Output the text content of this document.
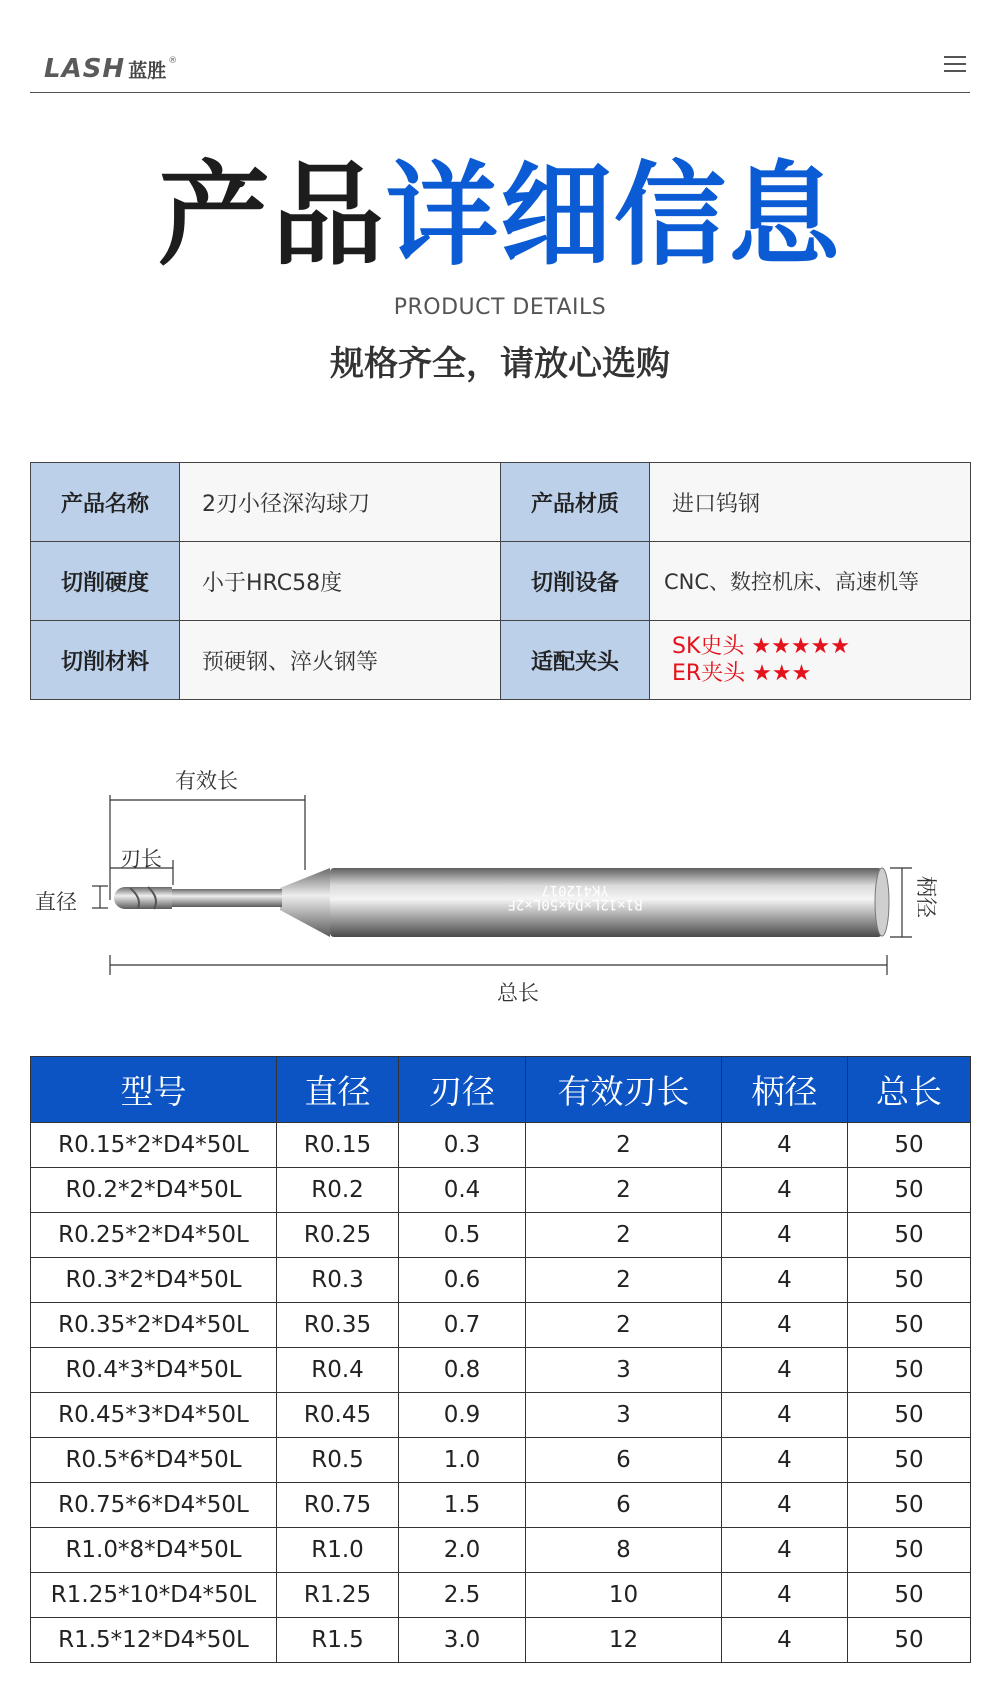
LASH 蓝胜 ®
产品详细信息
PRODUCT DETAILS
规格齐全，请放心选购
产品名称	2刃小径深沟球刀	产品材质	进口钨钢
切削硬度	小于HRC58度	切削设备	CNC、数控机床、高速机等
切削材料	预硬钢、淬火钢等	适配夹头	SK史头 ★★★★★
ER夹头 ★★★
R1×12L×D4×50L×2F
YK412017
有效长
刃长
直径	柄径
总长
型号	直径	刃径	有效刃长	柄径	总长
R0.15*2*D4*50L	R0.15	0.3	2	4	50
R0.2*2*D4*50L	R0.2	0.4	2	4	50
R0.25*2*D4*50L	R0.25	0.5	2	4	50
R0.3*2*D4*50L	R0.3	0.6	2	4	50
R0.35*2*D4*50L	R0.35	0.7	2	4	50
R0.4*3*D4*50L	R0.4	0.8	3	4	50
R0.45*3*D4*50L	R0.45	0.9	3	4	50
R0.5*6*D4*50L	R0.5	1.0	6	4	50
R0.75*6*D4*50L	R0.75	1.5	6	4	50
R1.0*8*D4*50L	R1.0	2.0	8	4	50
R1.25*10*D4*50L	R1.25	2.5	10	4	50
R1.5*12*D4*50L	R1.5	3.0	12	4	50
